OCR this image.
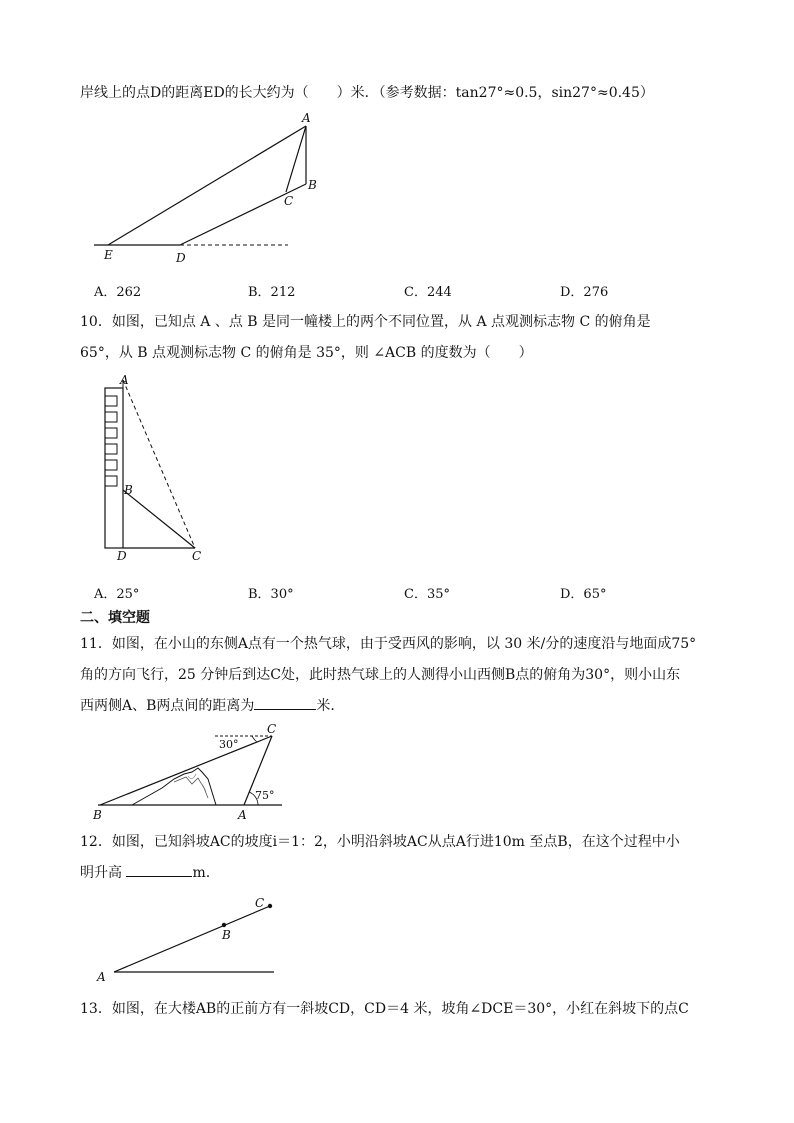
岸线上的点D的距离ED的长大约为（　　）米．（参考数据：tan27°≈0.5，sin27°≈0.45）
A
B
C
D
E
A．262	B．212	C．244	D．276
10．如图，已知点 A 、点 B 是同一幢楼上的两个不同位置，从 A 点观测标志物 C 的俯角是
65°，从 B 点观测标志物 C 的俯角是 35°，则 ∠ACB 的度数为（　　）
A
B
C
D
A．25°	B．30°	C．35°	D．65°
二、填空题
11．如图，在小山的东侧A点有一个热气球，由于受西风的影响，以 30 米/分的速度沿与地面成75°
角的方向飞行，25 分钟后到达C处，此时热气球上的人测得小山西侧B点的俯角为30°，则小山东
西两侧A、B两点间的距离为	米.
30°
75°
C
B	A
12．如图，已知斜坡AC的坡度i＝1：2，小明沿斜坡AC从点A行进10m 至点B，在这个过程中小
明升高	m.
C
B
A
13．如图，在大楼AB的正前方有一斜坡CD，CD＝4 米，坡角∠DCE＝30°，小红在斜坡下的点C
